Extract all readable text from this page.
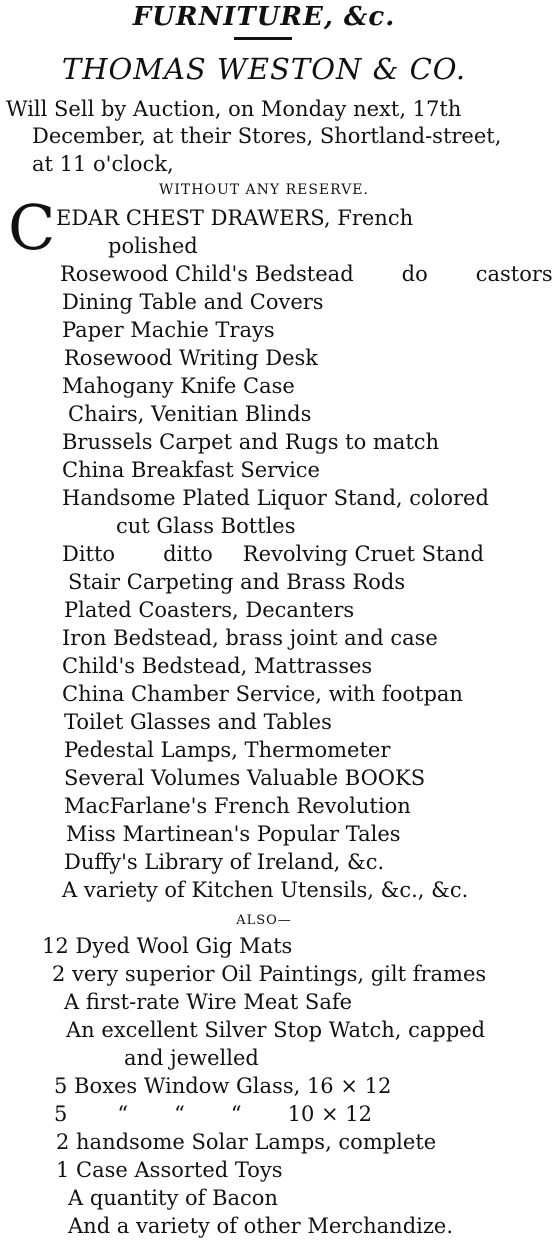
FURNITURE, &c.
THOMAS WESTON & CO.
Will Sell by Auction, on Monday next, 17th
December, at their Stores, Shortland-street,
at 11 o'clock,
WITHOUT ANY RESERVE.
C EDAR CHEST DRAWERS, French
polished
Rosewood Child's Bedstead do castors
Dining Table and Covers
Paper Machie Trays
Rosewood Writing Desk
Mahogany Knife Case
Chairs, Venitian Blinds
Brussels Carpet and Rugs to match
China Breakfast Service
Handsome Plated Liquor Stand, colored
cut Glass Bottles
Ditto ditto Revolving Cruet Stand
Stair Carpeting and Brass Rods
Plated Coasters, Decanters
Iron Bedstead, brass joint and case
Child's Bedstead, Mattrasses
China Chamber Service, with footpan
Toilet Glasses and Tables
Pedestal Lamps, Thermometer
Several Volumes Valuable BOOKS
MacFarlane's French Revolution
Miss Martinean's Popular Tales
Duffy's Library of Ireland, &c.
A variety of Kitchen Utensils, &c., &c.
ALSO—
12 Dyed Wool Gig Mats
2 very superior Oil Paintings, gilt frames
A first-rate Wire Meat Safe
An excellent Silver Stop Watch, capped
and jewelled
5 Boxes Window Glass, 16 × 12
5 “ “ “ 10 × 12
2 handsome Solar Lamps, complete
1 Case Assorted Toys
A quantity of Bacon
And a variety of other Merchandize.
